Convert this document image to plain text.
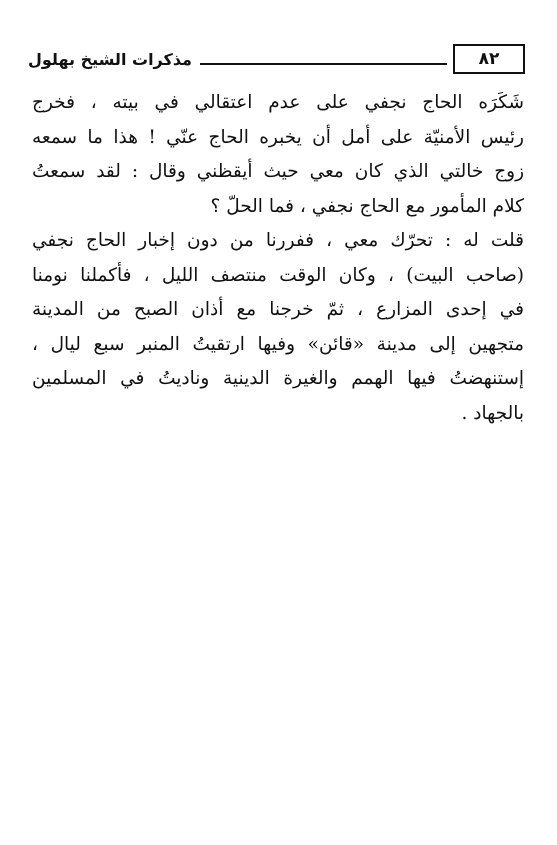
مذكرات الشيخ بهلول	٨٢
شَكَرَه الحاج نجفي على عدم اعتقالي في بيته ، فخرج
رئيس الأمنيّة على أمل أن يخبره الحاج عنّي ! هذا ما سمعه
زوج خالتي الذي كان معي حيث أيقظني وقال : لقد سمعتُ
كلام المأمور مع الحاج نجفي ، فما الحلّ ؟
قلت له : تحرّك معي ، ففررنا من دون إخبار الحاج نجفي
(صاحب البيت) ، وكان الوقت منتصف الليل ، فأكملنا نومنا
في إحدى المزارع ، ثمّ خرجنا مع أذان الصبح من المدينة
متجهين إلى مدينة «قائن» وفيها ارتقيتُ المنبر سبع ليال ،
إستنهضتُ فيها الهمم والغيرة الدينية وناديتُ في المسلمين
بالجهاد .
